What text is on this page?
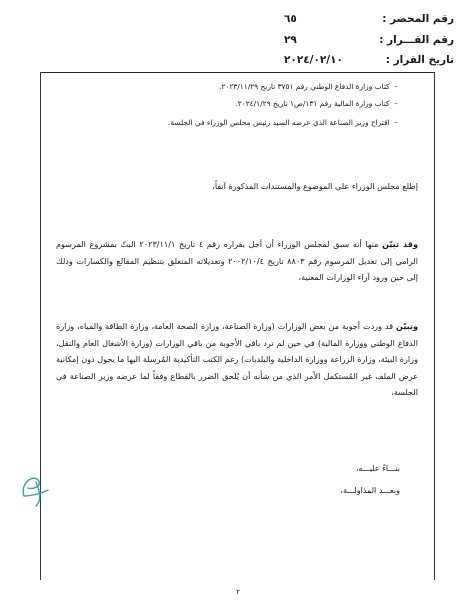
رقم المحضر :
٦٥
رقم القـــرار :
٢٩
تاريخ القرار :
٢٠٢٤/٠٢/١٠
–  كتاب وزارة الدفاع الوطني رقم ٣٧٥١ تاريخ ٢٠٢٣/١١/٢٩.
–  كتاب وزارة المالية رقم ١٣١/ص١ تاريخ ٢٠٢٤/١/٢٩.
–  اقتراح وزير الصناعة الذي عرضه السيد رئيس مجلس الوزراء في الجلسة.
إطلع مجلس الوزراء على الموضوع والمستندات المذكورة آنفاً،
وقد تبيّن منها أنه سبق لمجلس الوزراء أن أجل بقراره رقم ٤ تاريخ ٢٠٢٣/١١/١ البتّ بمشروع المرسوم الرامي إلى تعديل المرسوم رقم ٨٨٠٣ تاريخ ٢٠٠٢/١٠/٤ وتعديلاته المتعلق بتنظيم المقالع والكسارات وذلك إلى حين ورود آراء الوزارات المعنية،
وتبيّن قد وردت أجوبة من بعض الوزارات (وزارة الصناعة، وزارة الصحة العامة، وزارة الطاقة والمياه، وزارة الدفاع الوطني ووزارة المالية) في حين لم ترد باقي الأجوبة من باقي الوزارات (وزارة الأشغال العام والنقل، وزارة البيئة، وزارة الزراعة ووزارة الداخلية والبلديات) رغم الكتب التأكيدية المُرسلة اليها ما يحول دون إمكانية عرض الملف غير المُستكمل الأمر الذي من شأنه أن يُلحق الضرر بالقطاع وفقاً لما عرضه وزير الصناعة في الجلسة،
بنـــاءً عليـــه،
وبعـــد المذاولـــة،
٢
